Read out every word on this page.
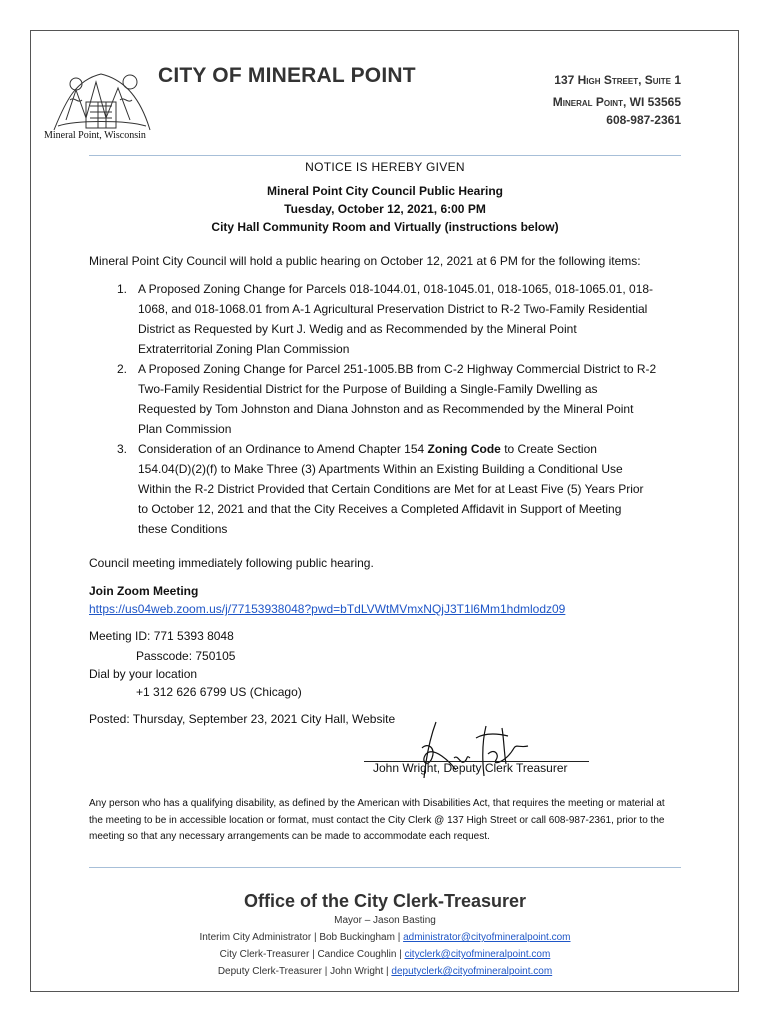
Mineral Point, Wisconsin
CITY OF MINERAL POINT	137 High Street, Suite 1
Mineral Point, WI 53565
608-987-2361
NOTICE IS HEREBY GIVEN
Mineral Point City Council Public Hearing
Tuesday, October 12, 2021, 6:00 PM
City Hall Community Room and Virtually (instructions below)
Mineral Point City Council will hold a public hearing on October 12, 2021 at 6 PM for the following items:
1. A Proposed Zoning Change for Parcels 018-1044.01, 018-1045.01, 018-1065, 018-1065.01, 018-
1068, and 018-1068.01 from A-1 Agricultural Preservation District to R-2 Two-Family Residential
District as Requested by Kurt J. Wedig and as Recommended by the Mineral Point
Extraterritorial Zoning Plan Commission
2. A Proposed Zoning Change for Parcel 251-1005.BB from C-2 Highway Commercial District to R-2
Two-Family Residential District for the Purpose of Building a Single-Family Dwelling as
Requested by Tom Johnston and Diana Johnston and as Recommended by the Mineral Point
Plan Commission
3. Consideration of an Ordinance to Amend Chapter 154 Zoning Code to Create Section
154.04(D)(2)(f) to Make Three (3) Apartments Within an Existing Building a Conditional Use
Within the R-2 District Provided that Certain Conditions are Met for at Least Five (5) Years Prior
to October 12, 2021 and that the City Receives a Completed Affidavit in Support of Meeting
these Conditions
Council meeting immediately following public hearing.
Join Zoom Meeting
https://us04web.zoom.us/j/77153938048?pwd=bTdLVWtMVmxNQjJ3T1l6Mm1hdmlodz09
Meeting ID: 771 5393 8048
Passcode: 750105
Dial by your location
+1 312 626 6799 US (Chicago)
Posted: Thursday, September 23, 2021 City Hall, Website
John Wright, Deputy Clerk Treasurer
Any person who has a qualifying disability, as defined by the American with Disabilities Act, that requires the meeting or material at the meeting to be in accessible location or format, must contact the City Clerk @ 137 High Street or call 608-987-2361, prior to the meeting so that any necessary arrangements can be made to accommodate each request.
Office of the City Clerk-Treasurer
Mayor – Jason Basting
Interim City Administrator | Bob Buckingham | administrator@cityofmineralpoint.com
City Clerk-Treasurer | Candice Coughlin | cityclerk@cityofmineralpoint.com
Deputy Clerk-Treasurer | John Wright | deputyclerk@cityofmineralpoint.com
